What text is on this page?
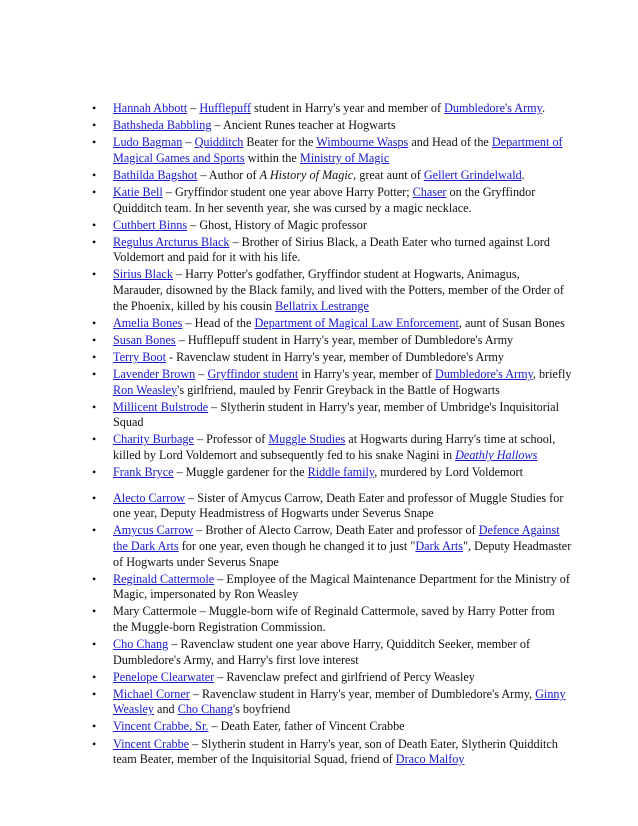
• Hannah Abbott – Hufflepuff student in Harry's year and member of Dumbledore's Army.
• Bathsheda Babbling – Ancient Runes teacher at Hogwarts
• Ludo Bagman – Quidditch Beater for the Wimbourne Wasps and Head of the Department of Magical Games and Sports within the Ministry of Magic
• Bathilda Bagshot – Author of A History of Magic, great aunt of Gellert Grindelwald.
• Katie Bell – Gryffindor student one year above Harry Potter; Chaser on the Gryffindor Quidditch team. In her seventh year, she was cursed by a magic necklace.
• Cuthbert Binns – Ghost, History of Magic professor
• Regulus Arcturus Black – Brother of Sirius Black, a Death Eater who turned against Lord Voldemort and paid for it with his life.
• Sirius Black – Harry Potter's godfather, Gryffindor student at Hogwarts, Animagus, Marauder, disowned by the Black family, and lived with the Potters, member of the Order of the Phoenix, killed by his cousin Bellatrix Lestrange
• Amelia Bones – Head of the Department of Magical Law Enforcement, aunt of Susan Bones
• Susan Bones – Hufflepuff student in Harry's year, member of Dumbledore's Army
• Terry Boot - Ravenclaw student in Harry's year, member of Dumbledore's Army
• Lavender Brown – Gryffindor student in Harry's year, member of Dumbledore's Army, briefly Ron Weasley's girlfriend, mauled by Fenrir Greyback in the Battle of Hogwarts
• Millicent Bulstrode – Slytherin student in Harry's year, member of Umbridge's Inquisitorial Squad
• Charity Burbage – Professor of Muggle Studies at Hogwarts during Harry's time at school, killed by Lord Voldemort and subsequently fed to his snake Nagini in Deathly Hallows
• Frank Bryce – Muggle gardener for the Riddle family, murdered by Lord Voldemort
• Alecto Carrow – Sister of Amycus Carrow, Death Eater and professor of Muggle Studies for one year, Deputy Headmistress of Hogwarts under Severus Snape
• Amycus Carrow – Brother of Alecto Carrow, Death Eater and professor of Defence Against the Dark Arts for one year, even though he changed it to just "Dark Arts", Deputy Headmaster of Hogwarts under Severus Snape
• Reginald Cattermole – Employee of the Magical Maintenance Department for the Ministry of Magic, impersonated by Ron Weasley
• Mary Cattermole – Muggle-born wife of Reginald Cattermole, saved by Harry Potter from the Muggle-born Registration Commission.
• Cho Chang – Ravenclaw student one year above Harry, Quidditch Seeker, member of Dumbledore's Army, and Harry's first love interest
• Penelope Clearwater – Ravenclaw prefect and girlfriend of Percy Weasley
• Michael Corner – Ravenclaw student in Harry's year, member of Dumbledore's Army, Ginny Weasley and Cho Chang's boyfriend
• Vincent Crabbe, Sr. – Death Eater, father of Vincent Crabbe
• Vincent Crabbe – Slytherin student in Harry's year, son of Death Eater, Slytherin Quidditch team Beater, member of the Inquisitorial Squad, friend of Draco Malfoy
